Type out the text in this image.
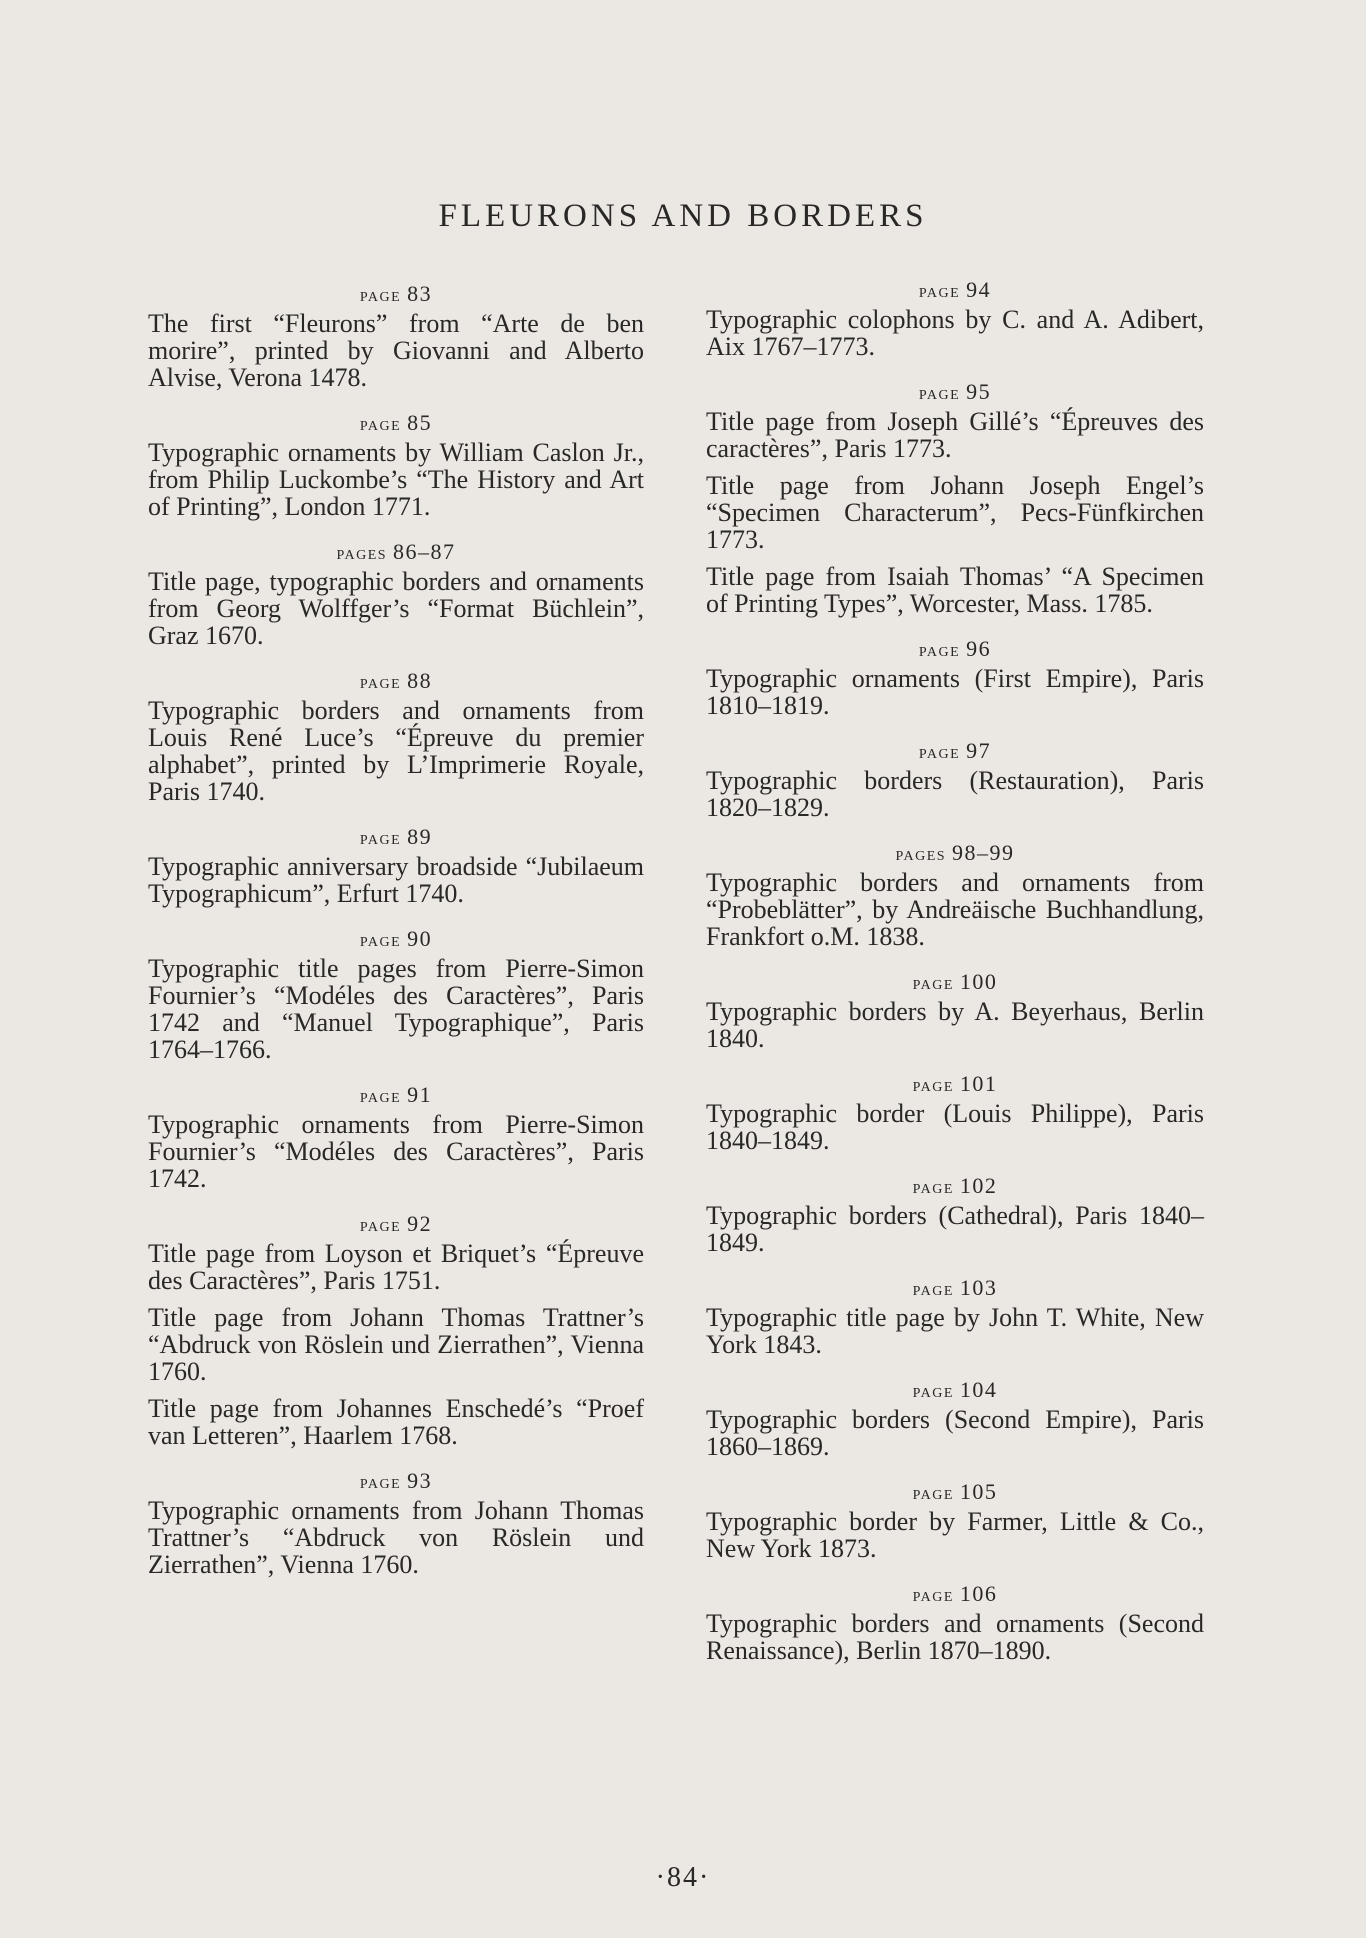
FLEURONS AND BORDERS
page 83
The first “Fleurons” from “Arte de ben morire”, printed by Giovanni and Alberto Alvise, Verona 1478.
page 85
Typographic ornaments by William Caslon Jr., from Philip Luckombe’s “The History and Art of Printing”, London 1771.
pages 86–87
Title page, typographic borders and ornaments from Georg Wolffger’s “Format Büchlein”, Graz 1670.
page 88
Typographic borders and ornaments from Louis René Luce’s “Épreuve du premier alphabet”, printed by L’Imprimerie Royale, Paris 1740.
page 89
Typographic anniversary broadside “Jubilaeum Typographicum”, Erfurt 1740.
page 90
Typographic title pages from Pierre-Simon Fournier’s “Modéles des Caractères”, Paris 1742 and “Manuel Typographique”, Paris 1764–1766.
page 91
Typographic ornaments from Pierre-Simon Fournier’s “Modéles des Caractères”, Paris 1742.
page 92
Title page from Loyson et Briquet’s “Épreuve des Caractères”, Paris 1751.
Title page from Johann Thomas Trattner’s “Abdruck von Röslein und Zierrathen”, Vienna 1760.
Title page from Johannes Enschedé’s “Proef van Letteren”, Haarlem 1768.
page 93
Typographic ornaments from Johann Thomas Trattner’s “Abdruck von Röslein und Zierrathen”, Vienna 1760.
page 94
Typographic colophons by C. and A. Adibert, Aix 1767–1773.
page 95
Title page from Joseph Gillé’s “Épreuves des caractères”, Paris 1773.
Title page from Johann Joseph Engel’s “Specimen Characterum”, Pecs-Fünfkirchen 1773.
Title page from Isaiah Thomas’ “A Specimen of Printing Types”, Worcester, Mass. 1785.
page 96
Typographic ornaments (First Empire), Paris 1810–1819.
page 97
Typographic borders (Restauration), Paris 1820–1829.
pages 98–99
Typographic borders and ornaments from “Probeblätter”, by Andreäische Buchhandlung, Frankfort o.M. 1838.
page 100
Typographic borders by A. Beyerhaus, Berlin 1840.
page 101
Typographic border (Louis Philippe), Paris 1840–1849.
page 102
Typographic borders (Cathedral), Paris 1840–1849.
page 103
Typographic title page by John T. White, New York 1843.
page 104
Typographic borders (Second Empire), Paris 1860–1869.
page 105
Typographic border by Farmer, Little & Co., New York 1873.
page 106
Typographic borders and ornaments (Second Renaissance), Berlin 1870–1890.
·84·
